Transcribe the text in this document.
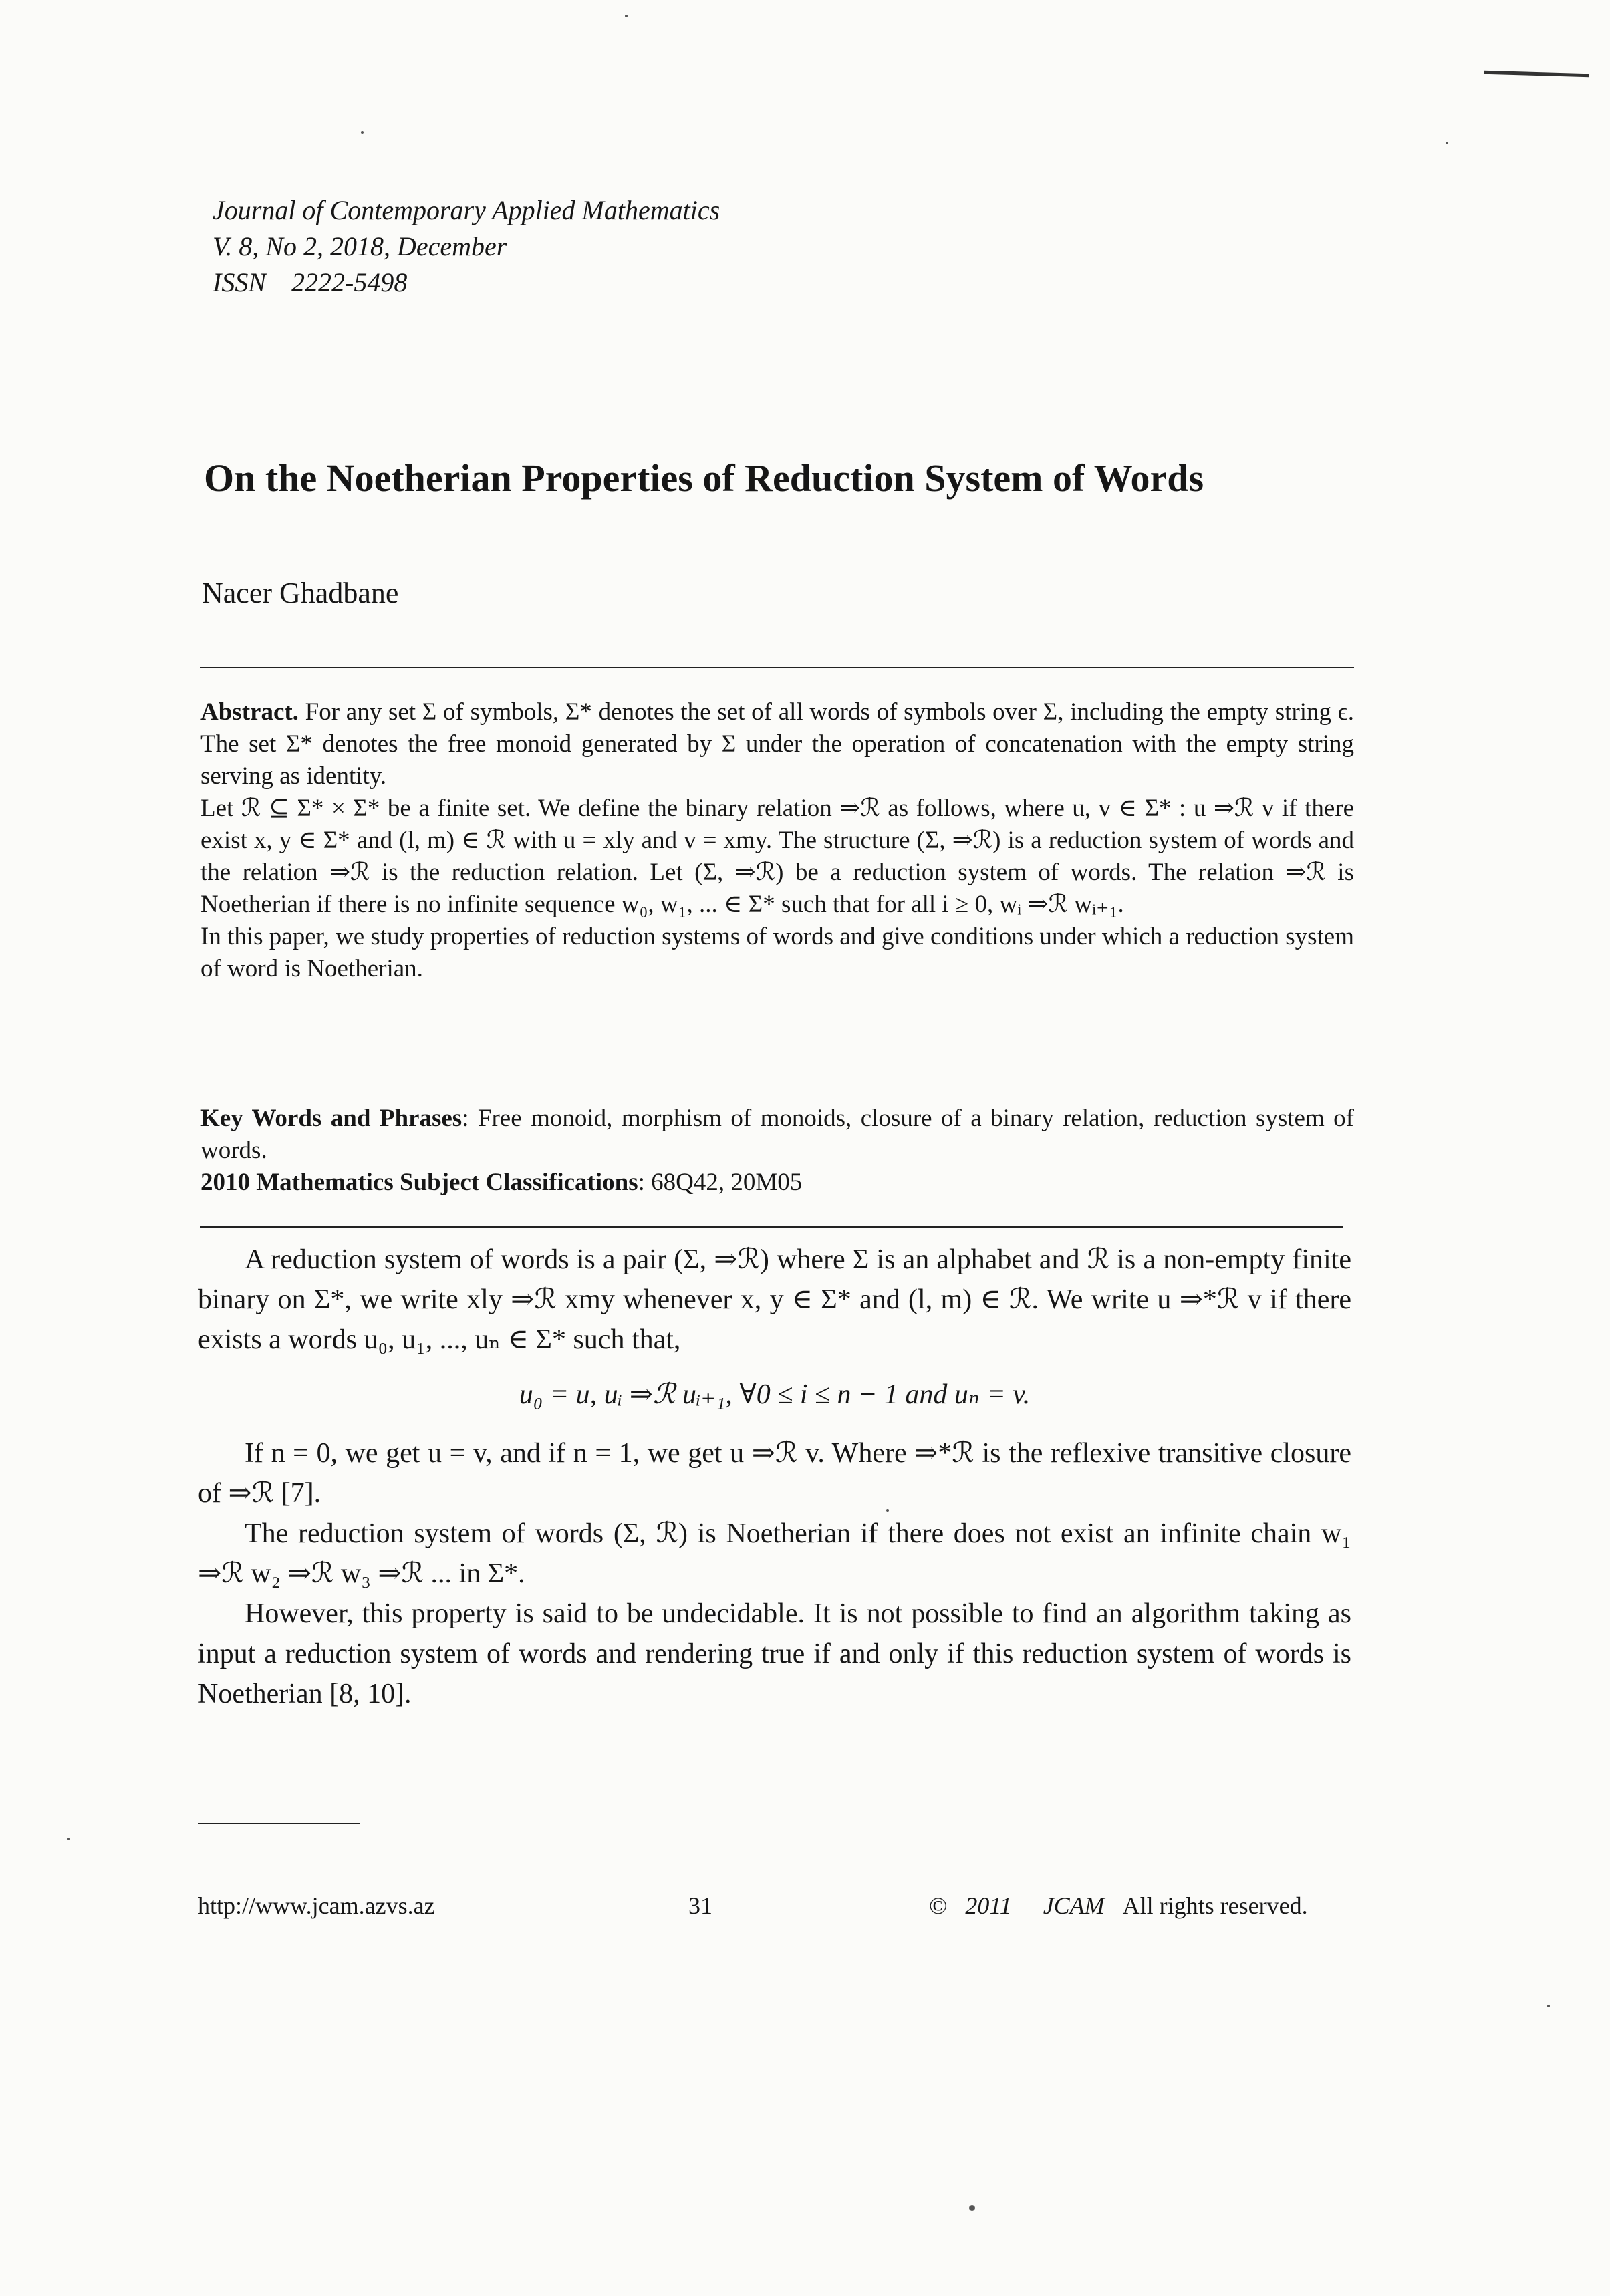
Journal of Contemporary Applied Mathematics
V. 8, No 2, 2018, December
ISSN 2222-5498
On the Noetherian Properties of Reduction System of Words
Nacer Ghadbane

Abstract. For any set Σ of symbols, Σ* denotes the set of all words of symbols over Σ, including the empty string ϵ. The set Σ* denotes the free monoid generated by Σ under the operation of concatenation with the empty string serving as identity.

Let ℛ ⊆ Σ* × Σ* be a finite set. We define the binary relation ⇒ℛ as follows, where u, v ∈ Σ* : u ⇒ℛ v if there exist x, y ∈ Σ* and (l, m) ∈ ℛ with u = xly and v = xmy. The structure (Σ, ⇒ℛ) is a reduction system of words and the relation ⇒ℛ is the reduction relation. Let (Σ, ⇒ℛ) be a reduction system of words. The relation ⇒ℛ is Noetherian if there is no infinite sequence w₀, w₁, ... ∈ Σ* such that for all i ≥ 0, wᵢ ⇒ℛ wᵢ₊₁.

In this paper, we study properties of reduction systems of words and give conditions under which a reduction system of word is Noetherian.

Key Words and Phrases: Free monoid, morphism of monoids, closure of a binary relation, reduction system of words.

2010 Mathematics Subject Classifications: 68Q42, 20M05

A reduction system of words is a pair (Σ, ⇒ℛ) where Σ is an alphabet and ℛ is a non-empty finite binary on Σ*, we write xly ⇒ℛ xmy whenever x, y ∈ Σ* and (l, m) ∈ ℛ. We write u ⇒*ℛ v if there exists a words u₀, u₁, ..., uₙ ∈ Σ* such that,

u₀ = u, uᵢ ⇒ℛ uᵢ₊₁, ∀0 ≤ i ≤ n − 1 and uₙ = v.

If n = 0, we get u = v, and if n = 1, we get u ⇒ℛ v. Where ⇒*ℛ is the reflexive transitive closure of ⇒ℛ [7].

The reduction system of words (Σ, ℛ) is Noetherian if there does not exist an infinite chain w₁ ⇒ℛ w₂ ⇒ℛ w₃ ⇒ℛ ... in Σ*.

However, this property is said to be undecidable. It is not possible to find an algorithm taking as input a reduction system of words and rendering true if and only if this reduction system of words is Noetherian [8, 10].

http://www.jcam.azvs.az	31	© 2011 JCAM All rights reserved.
